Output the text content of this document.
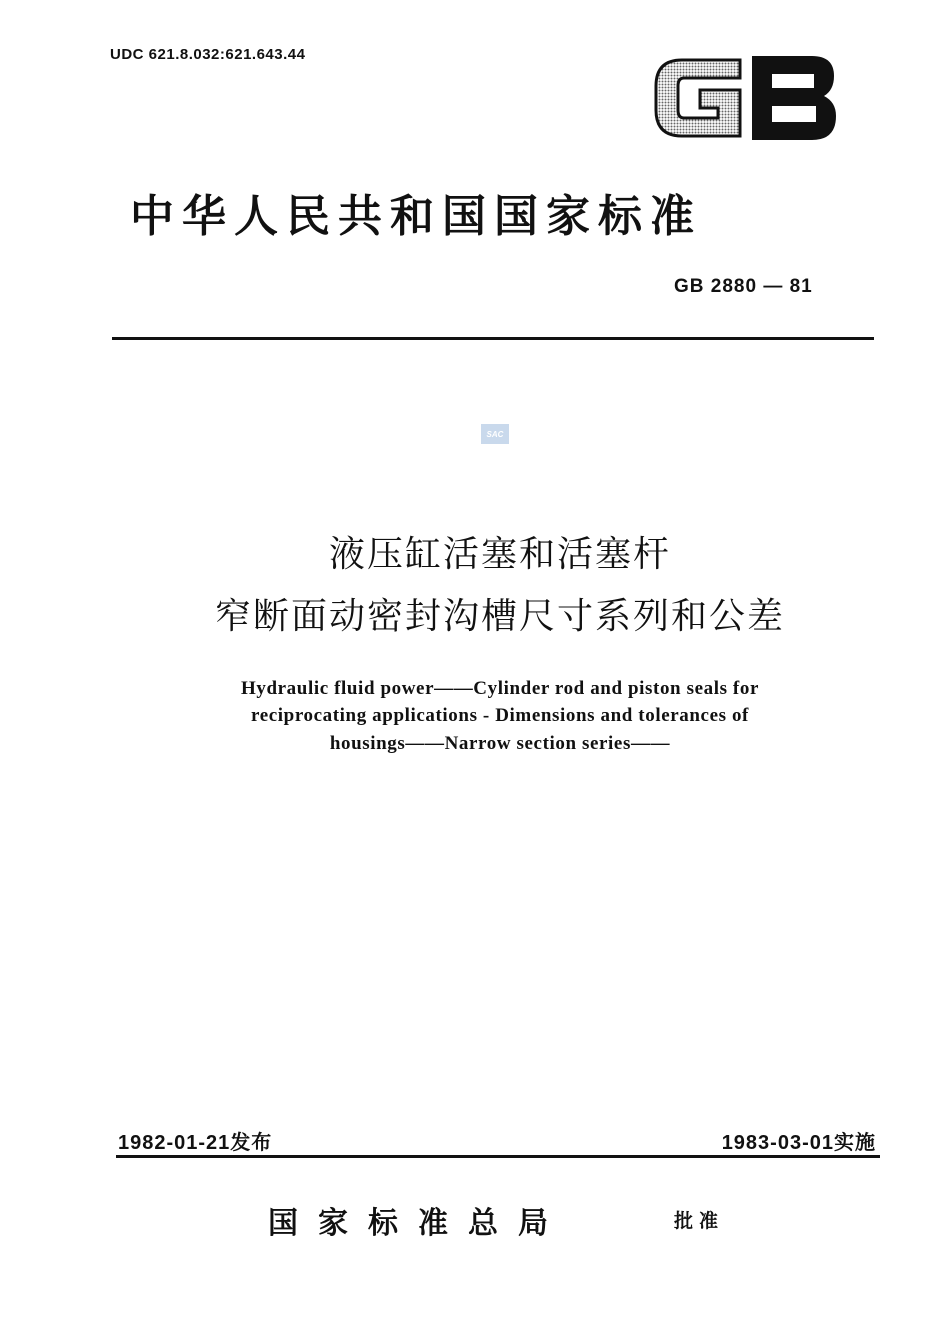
UDC 621.8.032:621.643.44
中华人民共和国国家标准
GB 2880 — 81
SAC
液压缸活塞和活塞杆
窄断面动密封沟槽尺寸系列和公差
Hydraulic fluid power——Cylinder rod and piston seals for
reciprocating applications - Dimensions and tolerances of
housings——Narrow section series——
1982-01-21发布	1983-03-01实施
国家标准总局	批准
